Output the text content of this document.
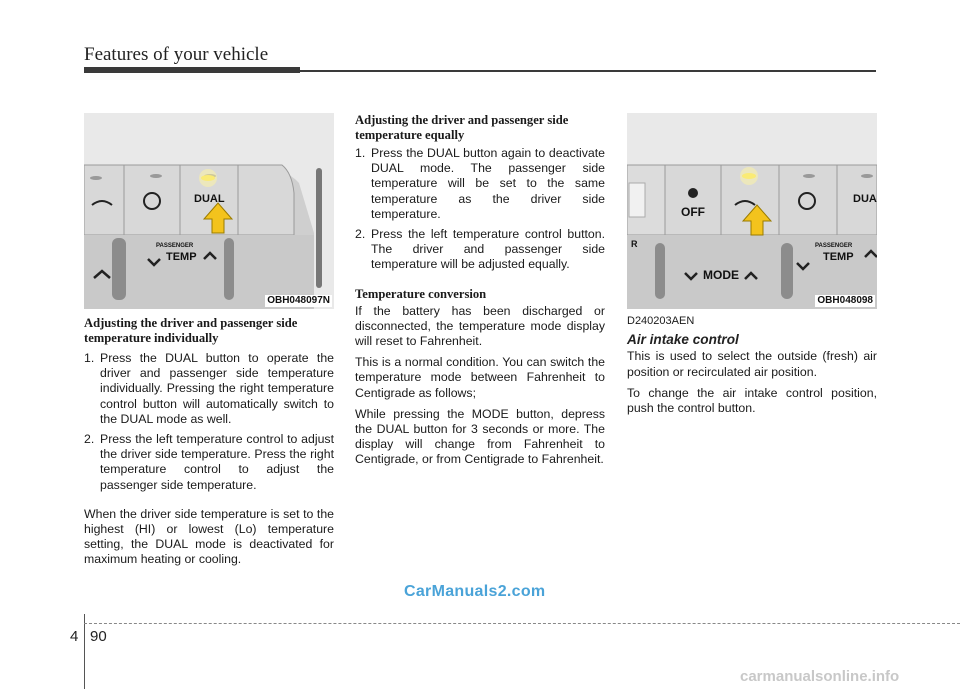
Features of your vehicle
DUAL
PASSENGER
TEMP
OBH048097N
OFF
DUA
R
MODE
PASSENGER
TEMP
OBH048098

Adjusting the driver and passenger side temperature individually

1. Press the DUAL button to operate the driver and passenger side temperature individually. Pressing the right temperature control button will automatically switch to the DUAL mode as well.
2. Press the left temperature control to adjust the driver side temperature. Press the right temperature control to adjust the passenger side temperature.

When the driver side temperature is set to the highest (HI) or lowest (Lo) temperature setting, the DUAL mode is deactivated for maximum heating or cooling.

Adjusting the driver and passenger side temperature equally

1. Press the DUAL button again to deactivate DUAL mode. The passenger side temperature will be set to the same temperature as the driver side temperature.
2. Press the left temperature control button. The driver and passenger side temperature will be adjusted equally.

Temperature conversion

If the battery has been discharged or disconnected, the temperature mode display will reset to Fahrenheit.

This is a normal condition. You can switch the temperature mode between Fahrenheit to Centigrade as follows;

While pressing the MODE button, depress the DUAL button for 3 seconds or more. The display will change from Fahrenheit to Centigrade, or from Centigrade to Fahrenheit.

D240203AEN

Air intake control

This is used to select the outside (fresh) air position or recirculated air position.

To change the air intake control position, push the control button.

CarManuals2.com
4 90
carmanualsonline.info
